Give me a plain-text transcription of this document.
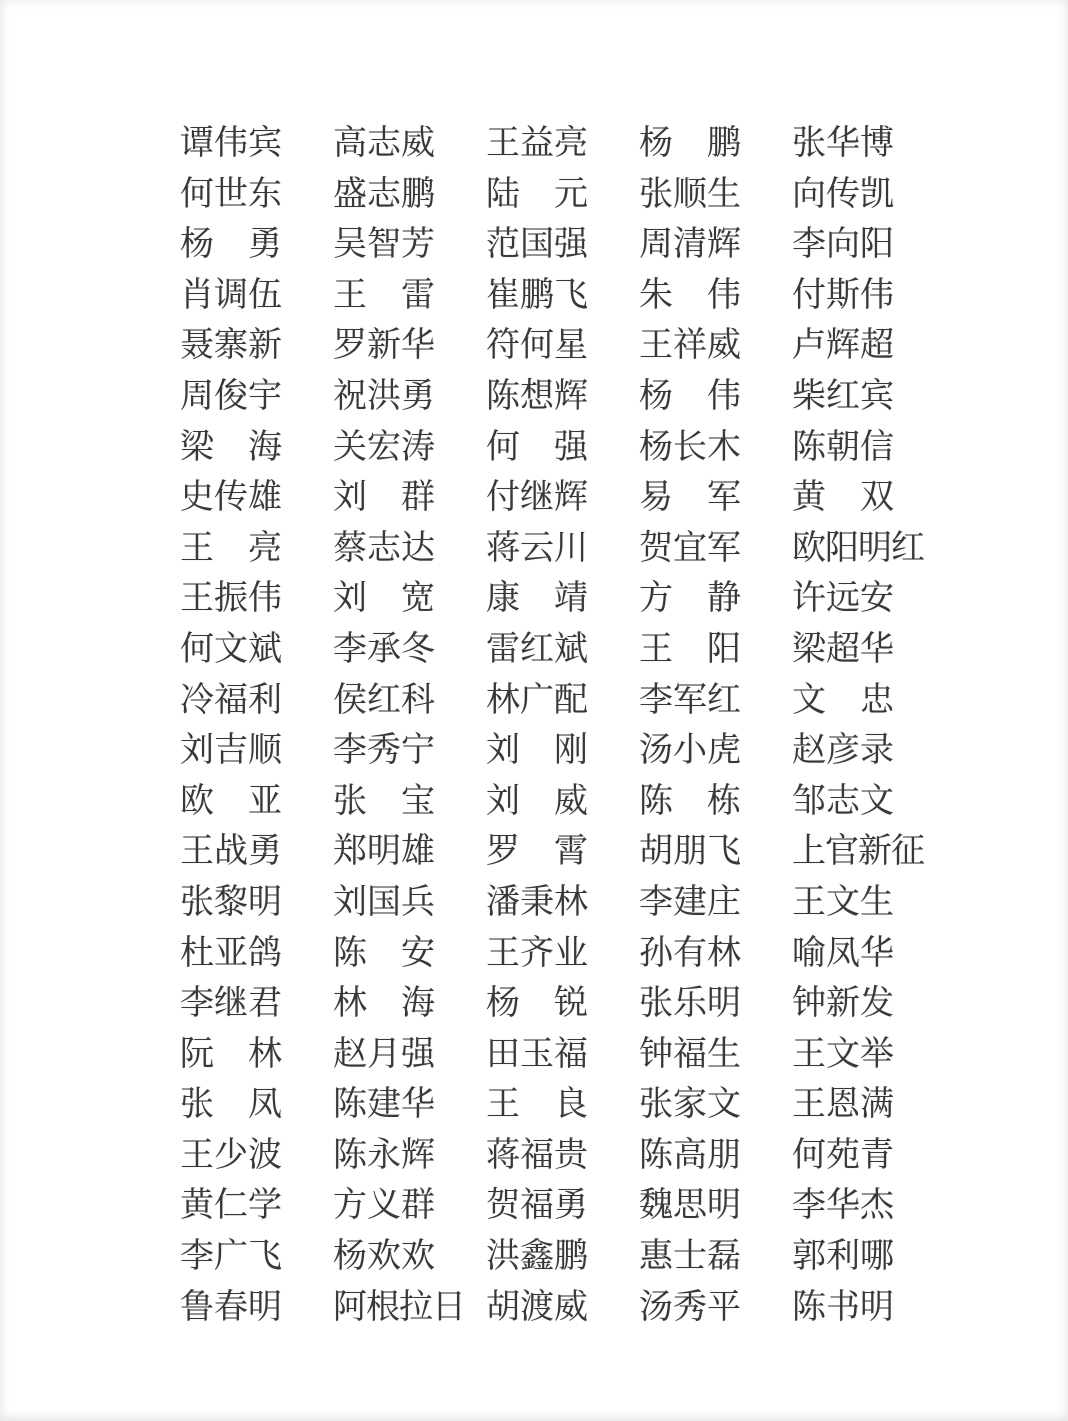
谭伟宾 高志威 王益亮 杨 鹏 张华博
何世东 盛志鹏 陆 元 张顺生 向传凯
杨 勇 吴智芳 范国强 周清辉 李向阳
肖调伍 王 雷 崔鹏飞 朱 伟 付斯伟
聂寨新 罗新华 符何星 王祥威 卢辉超
周俊宇 祝洪勇 陈想辉 杨 伟 柴红宾
梁 海 关宏涛 何 强 杨长木 陈朝信
史传雄 刘 群 付继辉 易 军 黄 双
王 亮 蔡志达 蒋云川 贺宜军 欧阳明红
王振伟 刘 宽 康 靖 方 静 许远安
何文斌 李承冬 雷红斌 王 阳 梁超华
冷福利 侯红科 林广配 李军红 文 忠
刘吉顺 李秀宁 刘 刚 汤小虎 赵彦录
欧 亚 张 宝 刘 威 陈 栋 邹志文
王战勇 郑明雄 罗 霄 胡朋飞 上官新征
张黎明 刘国兵 潘秉林 李建庄 王文生
杜亚鸽 陈 安 王齐业 孙有林 喻凤华
李继君 林 海 杨 锐 张乐明 钟新发
阮 林 赵月强 田玉福 钟福生 王文举
张 凤 陈建华 王 良 张家文 王恩满
王少波 陈永辉 蒋福贵 陈高朋 何苑青
黄仁学 方义群 贺福勇 魏思明 李华杰
李广飞 杨欢欢 洪鑫鹏 惠士磊 郭利哪
鲁春明 阿根拉日 胡渡威 汤秀平 陈书明
